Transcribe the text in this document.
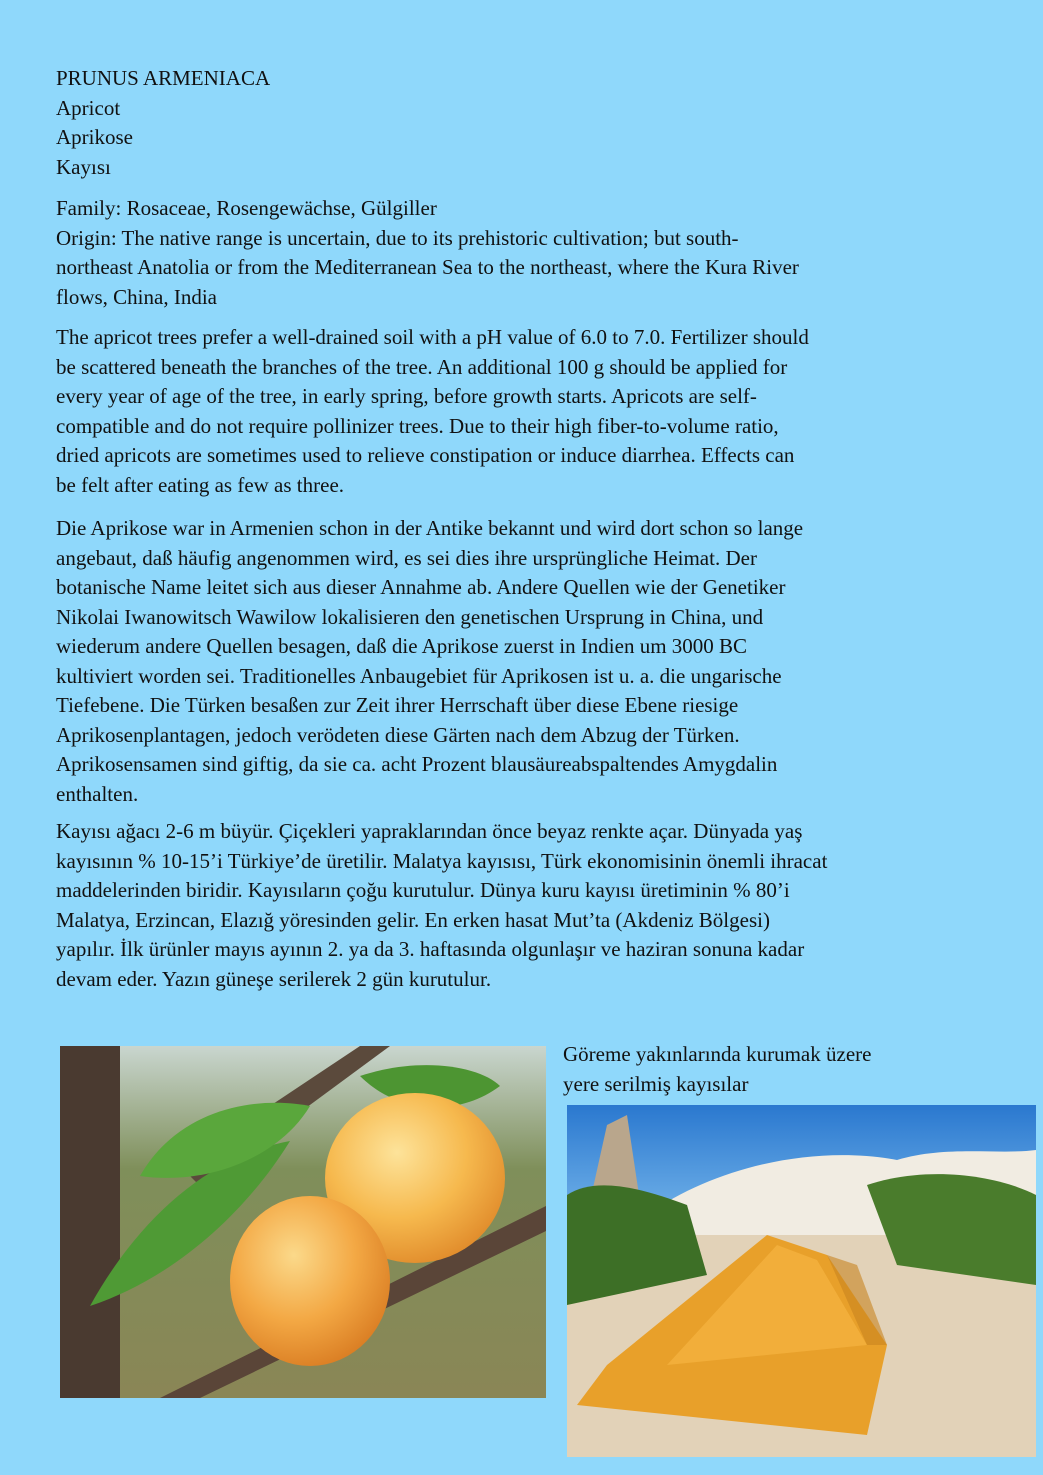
PRUNUS ARMENIACA
Apricot
Aprikose
Kayısı
Family: Rosaceae, Rosengewächse, Gülgiller
Origin: The native range is uncertain, due to its prehistoric cultivation; but south-
northeast Anatolia or from the Mediterranean Sea to the northeast, where the Kura River
flows, China, India
The apricot trees prefer a well-drained soil with a pH value of 6.0 to 7.0. Fertilizer should
be scattered beneath the branches of the tree. An additional 100 g should be applied for
every year of age of the tree, in early spring, before growth starts. Apricots are self-
compatible and do not require pollinizer trees. Due to their high fiber-to-volume ratio,
dried apricots are sometimes used to relieve constipation or induce diarrhea. Effects can
be felt after eating as few as three.
Die Aprikose war in Armenien schon in der Antike bekannt und wird dort schon so lange
angebaut, daß häufig angenommen wird, es sei dies ihre ursprüngliche Heimat. Der
botanische Name leitet sich aus dieser Annahme ab. Andere Quellen wie der Genetiker
Nikolai Iwanowitsch Wawilow lokalisieren den genetischen Ursprung in China, und
wiederum andere Quellen besagen, daß die Aprikose zuerst in Indien um 3000 BC
kultiviert worden sei. Traditionelles Anbaugebiet für Aprikosen ist u. a. die ungarische
Tiefebene. Die Türken besaßen zur Zeit ihrer Herrschaft über diese Ebene riesige
Aprikosenplantagen, jedoch verödeten diese Gärten nach dem Abzug der Türken.
Aprikosensamen sind giftig, da sie ca. acht Prozent blausäureabspaltendes Amygdalin
enthalten.
Kayısı ağacı 2-6 m büyür. Çiçekleri yapraklarından önce beyaz renkte açar. Dünyada yaş
kayısının % 10-15’i Türkiye’de üretilir. Malatya kayısısı, Türk ekonomisinin önemli ihracat
maddelerinden biridir. Kayısıların çoğu kurutulur. Dünya kuru kayısı üretiminin % 80’i
Malatya, Erzincan, Elazığ yöresinden gelir. En erken hasat Mut’ta (Akdeniz Bölgesi)
yapılır. İlk ürünler mayıs ayının 2. ya da 3. haftasında olgunlaşır ve haziran sonuna kadar
devam eder. Yazın güneşe serilerek 2 gün kurutulur.
Göreme yakınlarında kurumak üzere
yere serilmiş kayısılar
